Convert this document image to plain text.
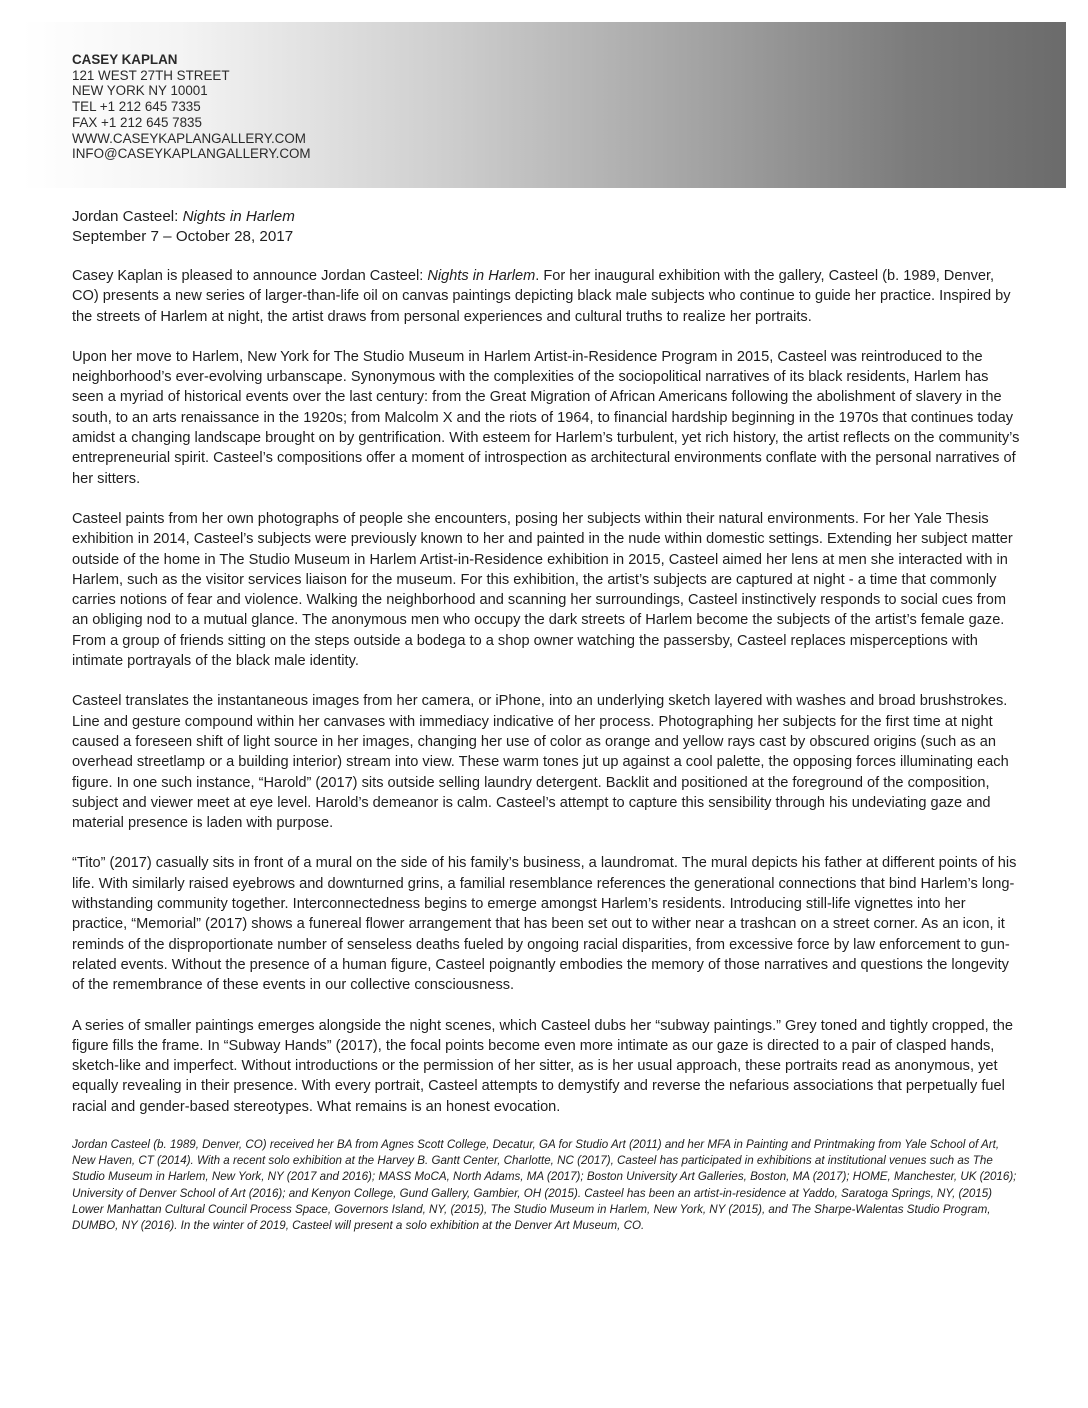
CASEY KAPLAN
121 WEST 27TH STREET
NEW YORK NY 10001
TEL +1 212 645 7335
FAX +1 212 645 7835
WWW.CASEYKAPLANGALLERY.COM
INFO@CASEYKAPLANGALLERY.COM
Jordan Casteel: Nights in Harlem
September 7 – October 28, 2017

Casey Kaplan is pleased to announce Jordan Casteel: Nights in Harlem. For her inaugural exhibition with the gallery, Casteel (b. 1989, Denver, CO) presents a new series of larger-than-life oil on canvas paintings depicting black male subjects who continue to guide her practice. Inspired by the streets of Harlem at night, the artist draws from personal experiences and cultural truths to realize her portraits.

Upon her move to Harlem, New York for The Studio Museum in Harlem Artist-in-Residence Program in 2015, Casteel was reintroduced to the neighborhood’s ever-evolving urbanscape. Synonymous with the complexities of the sociopolitical narratives of its black residents, Harlem has seen a myriad of historical events over the last century: from the Great Migration of African Americans following the abolishment of slavery in the south, to an arts renaissance in the 1920s; from Malcolm X and the riots of 1964, to financial hardship beginning in the 1970s that continues today amidst a changing landscape brought on by gentrification. With esteem for Harlem’s turbulent, yet rich history, the artist reflects on the community’s entrepreneurial spirit. Casteel’s compositions offer a moment of introspection as architectural environments conflate with the personal narratives of her sitters.

Casteel paints from her own photographs of people she encounters, posing her subjects within their natural environments. For her Yale Thesis exhibition in 2014, Casteel’s subjects were previously known to her and painted in the nude within domestic settings. Extending her subject matter outside of the home in The Studio Museum in Harlem Artist-in-Residence exhibition in 2015, Casteel aimed her lens at men she interacted with in Harlem, such as the visitor services liaison for the museum. For this exhibition, the artist’s subjects are captured at night - a time that commonly carries notions of fear and violence. Walking the neighborhood and scanning her surroundings, Casteel instinctively responds to social cues from an obliging nod to a mutual glance. The anonymous men who occupy the dark streets of Harlem become the subjects of the artist’s female gaze. From a group of friends sitting on the steps outside a bodega to a shop owner watching the passersby, Casteel replaces misperceptions with intimate portrayals of the black male identity.

Casteel translates the instantaneous images from her camera, or iPhone, into an underlying sketch layered with washes and broad brushstrokes. Line and gesture compound within her canvases with immediacy indicative of her process. Photographing her subjects for the first time at night caused a foreseen shift of light source in her images, changing her use of color as orange and yellow rays cast by obscured origins (such as an overhead streetlamp or a building interior) stream into view. These warm tones jut up against a cool palette, the opposing forces illuminating each figure. In one such instance, “Harold” (2017) sits outside selling laundry detergent. Backlit and positioned at the foreground of the composition, subject and viewer meet at eye level. Harold’s demeanor is calm. Casteel’s attempt to capture this sensibility through his undeviating gaze and material presence is laden with purpose.

“Tito” (2017) casually sits in front of a mural on the side of his family’s business, a laundromat. The mural depicts his father at different points of his life. With similarly raised eyebrows and downturned grins, a familial resemblance references the generational connections that bind Harlem’s long-withstanding community together. Interconnectedness begins to emerge amongst Harlem’s residents. Introducing still-life vignettes into her practice, “Memorial” (2017) shows a funereal flower arrangement that has been set out to wither near a trashcan on a street corner. As an icon, it reminds of the disproportionate number of senseless deaths fueled by ongoing racial disparities, from excessive force by law enforcement to gun-related events. Without the presence of a human figure, Casteel poignantly embodies the memory of those narratives and questions the longevity of the remembrance of these events in our collective consciousness.

A series of smaller paintings emerges alongside the night scenes, which Casteel dubs her “subway paintings.” Grey toned and tightly cropped, the figure fills the frame. In “Subway Hands” (2017), the focal points become even more intimate as our gaze is directed to a pair of clasped hands, sketch-like and imperfect. Without introductions or the permission of her sitter, as is her usual approach, these portraits read as anonymous, yet equally revealing in their presence. With every portrait, Casteel attempts to demystify and reverse the nefarious associations that perpetually fuel racial and gender-based stereotypes. What remains is an honest evocation.

Jordan Casteel (b. 1989, Denver, CO) received her BA from Agnes Scott College, Decatur, GA for Studio Art (2011) and her MFA in Painting and Printmaking from Yale School of Art, New Haven, CT (2014). With a recent solo exhibition at the Harvey B. Gantt Center, Charlotte, NC (2017), Casteel has participated in exhibitions at institutional venues such as The Studio Museum in Harlem, New York, NY (2017 and 2016); MASS MoCA, North Adams, MA (2017); Boston University Art Galleries, Boston, MA (2017); HOME, Manchester, UK (2016); University of Denver School of Art (2016); and Kenyon College, Gund Gallery, Gambier, OH (2015). Casteel has been an artist-in-residence at Yaddo, Saratoga Springs, NY, (2015) Lower Manhattan Cultural Council Process Space, Governors Island, NY, (2015), The Studio Museum in Harlem, New York, NY (2015), and The Sharpe-Walentas Studio Program, DUMBO, NY (2016). In the winter of 2019, Casteel will present a solo exhibition at the Denver Art Museum, CO.
